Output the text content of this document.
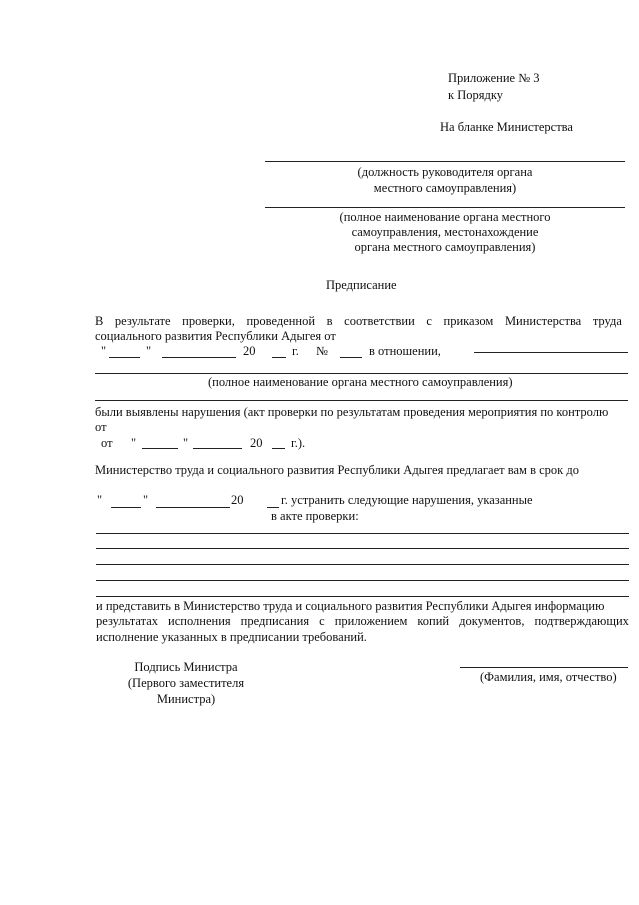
Приложение № 3
к Порядку
На бланке Министерства
(должность руководителя органа
местного самоуправления)
(полное наименование органа местного
самоуправления, местонахождение
органа местного самоуправления)
Предписание
В результате проверки, проведенной в соответствии с приказом Министерства труда
социального развития Республики Адыгея от
"	"	20	г. №	в отношении,
(полное наименование органа местного самоуправления)
были выявлены нарушения (акт проверки по результатам проведения мероприятия по контролю
от
от "	"	20 г.).
Министерство труда и социального развития Республики Адыгея предлагает вам в срок до
"	"	20	г. устранить следующие нарушения, указанные
в акте проверки:
и представить в Министерство труда и социального развития Республики Адыгея информацию
результатах исполнения предписания с приложением копий документов, подтверждающих
исполнение указанных в предписании требований.
Подпись Министра
(Первого заместителя
Министра)
(Фамилия, имя, отчество)
